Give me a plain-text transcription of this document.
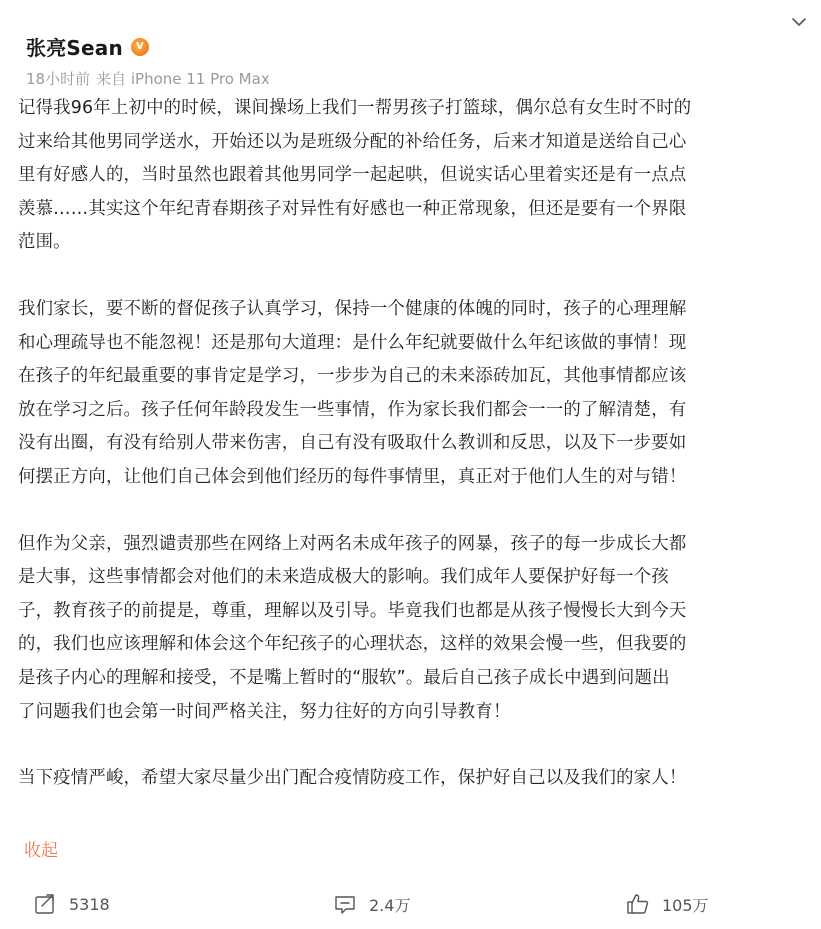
张亮Sean V
18小时前 来自 iPhone 11 Pro Max
记得我96年上初中的时候，课间操场上我们一帮男孩子打篮球，偶尔总有女生时不时的
过来给其他男同学送水，开始还以为是班级分配的补给任务，后来才知道是送给自己心
里有好感人的，当时虽然也跟着其他男同学一起起哄，但说实话心里着实还是有一点点
羡慕……其实这个年纪青春期孩子对异性有好感也一种正常现象，但还是要有一个界限
范围。
我们家长，要不断的督促孩子认真学习，保持一个健康的体魄的同时，孩子的心理理解
和心理疏导也不能忽视！还是那句大道理：是什么年纪就要做什么年纪该做的事情！现
在孩子的年纪最重要的事肯定是学习，一步步为自己的未来添砖加瓦，其他事情都应该
放在学习之后。孩子任何年龄段发生一些事情，作为家长我们都会一一的了解清楚，有
没有出圈，有没有给别人带来伤害，自己有没有吸取什么教训和反思，以及下一步要如
何摆正方向，让他们自己体会到他们经历的每件事情里，真正对于他们人生的对与错！
但作为父亲，强烈谴责那些在网络上对两名未成年孩子的网暴，孩子的每一步成长大都
是大事，这些事情都会对他们的未来造成极大的影响。我们成年人要保护好每一个孩
子，教育孩子的前提是，尊重，理解以及引导。毕竟我们也都是从孩子慢慢长大到今天
的，我们也应该理解和体会这个年纪孩子的心理状态，这样的效果会慢一些，但我要的
是孩子内心的理解和接受，不是嘴上暂时的“服软”。最后自己孩子成长中遇到问题出
了问题我们也会第一时间严格关注，努力往好的方向引导教育！
当下疫情严峻，希望大家尽量少出门配合疫情防疫工作，保护好自己以及我们的家人！
收起
5318	2.4万	105万
